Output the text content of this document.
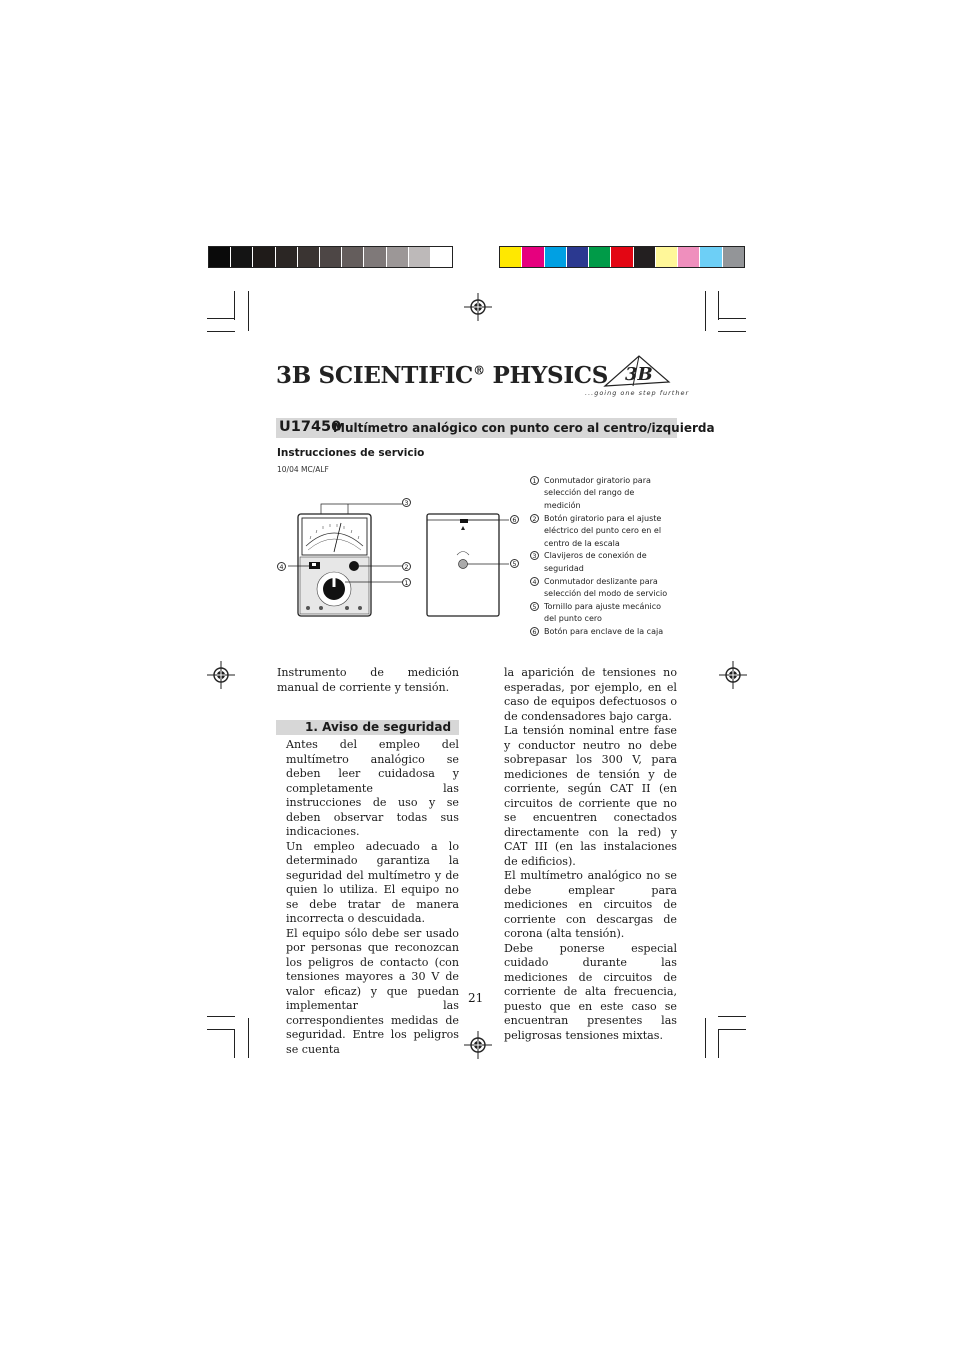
3B SCIENTIFIC® PHYSICS 3B
...going one step further
U17450
Multímetro analógico con punto cero al centro/izquierda
Instrucciones de servicio
10/04 MC/ALF
3
2
1
4
6
5
1 Conmutador giratorio para selección del rango de medición
2 Botón giratorio para el ajuste eléctrico del punto cero en el centro de la escala
3 Clavijeros de conexión de seguridad
4 Conmutador deslizante para selección del modo de servicio
5 Tornillo para ajuste mecánico del punto cero
6 Botón para enclave de la caja

Instrumento de medición manual de corriente y tensión.

1. Aviso de seguridad

Antes del empleo del multímetro analógico se deben leer cuidadosa y completamente las instrucciones de uso y se deben observar todas sus indicaciones.

Un empleo adecuado a lo determinado garantiza la seguridad del multímetro y de quien lo utiliza. El equipo no se debe tratar de manera incorrecta o descuidada.

El equipo sólo debe ser usado por personas que reconozcan los peligros de contacto (con tensiones mayores a 30 V de valor eficaz) y que puedan implementar las correspondientes medidas de seguridad. Entre los peligros se cuenta

la aparición de tensiones no esperadas, por ejemplo, en el caso de equipos defectuosos o de condensadores bajo carga.

La tensión nominal entre fase y conductor neutro no debe sobrepasar los 300 V, para mediciones de tensión y de corriente, según CAT II (en circuitos de corriente que no se encuentren conectados directamente con la red) y CAT III (en las instalaciones de edificios).

El multímetro analógico no se debe emplear para mediciones en circuitos de corriente con descargas de corona (alta tensión).

Debe ponerse especial cuidado durante las mediciones de circuitos de corriente de alta frecuencia, puesto que en este caso se encuentran presentes las peligrosas tensiones mixtas.

21
